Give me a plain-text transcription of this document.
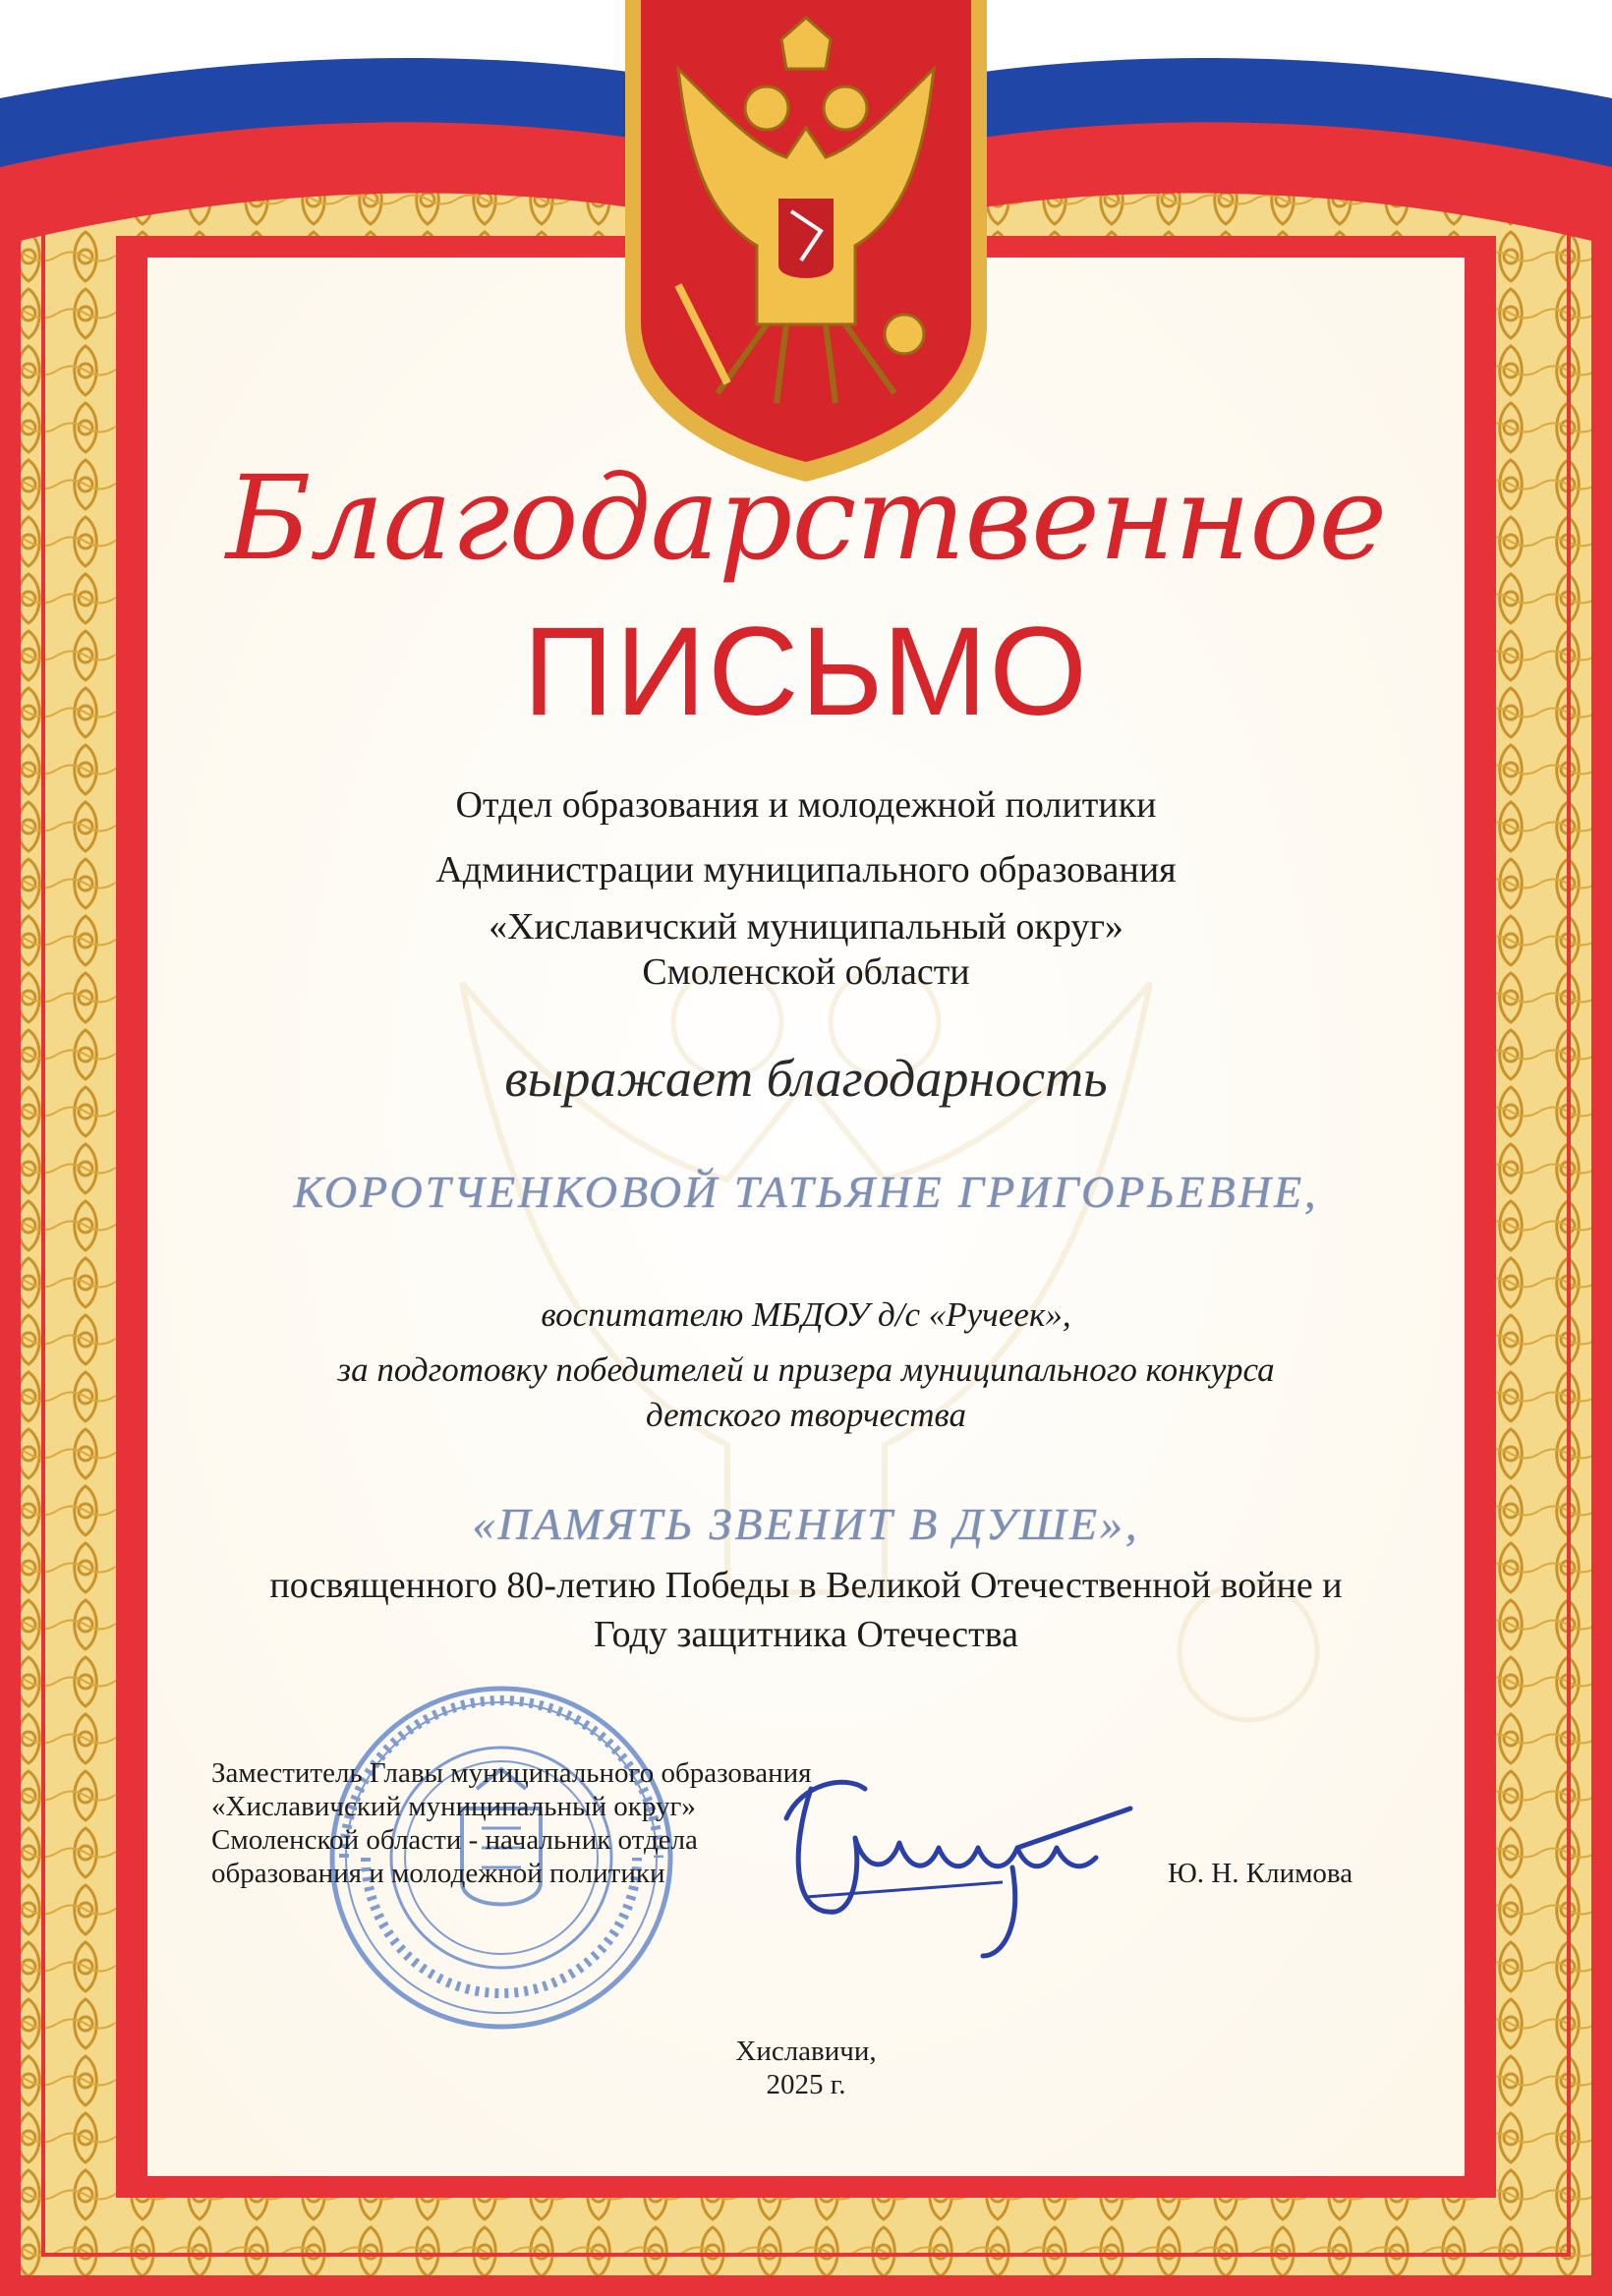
Благодарственное
ПИСЬМО
Отдел образования и молодежной политики
Администрации муниципального образования
«Хиславичский муниципальный округ»
Смоленской области
выражает благодарность
КОРОТЧЕНКОВОЙ ТАТЬЯНЕ ГРИГОРЬЕВНЕ,
воспитателю МБДОУ д/с «Ручеек»,
за подготовку победителей и призера муниципального конкурса
детского творчества
«ПАМЯТЬ ЗВЕНИТ В ДУШЕ»,
посвященного 80-летию Победы в Великой Отечественной войне и
Году защитника Отечества
Заместитель Главы муниципального образования
«Хиславичский муниципальный округ»
Смоленской области - начальник отдела
образования и молодежной политики	Ю. Н. Климова
Хиславичи,
2025 г.
